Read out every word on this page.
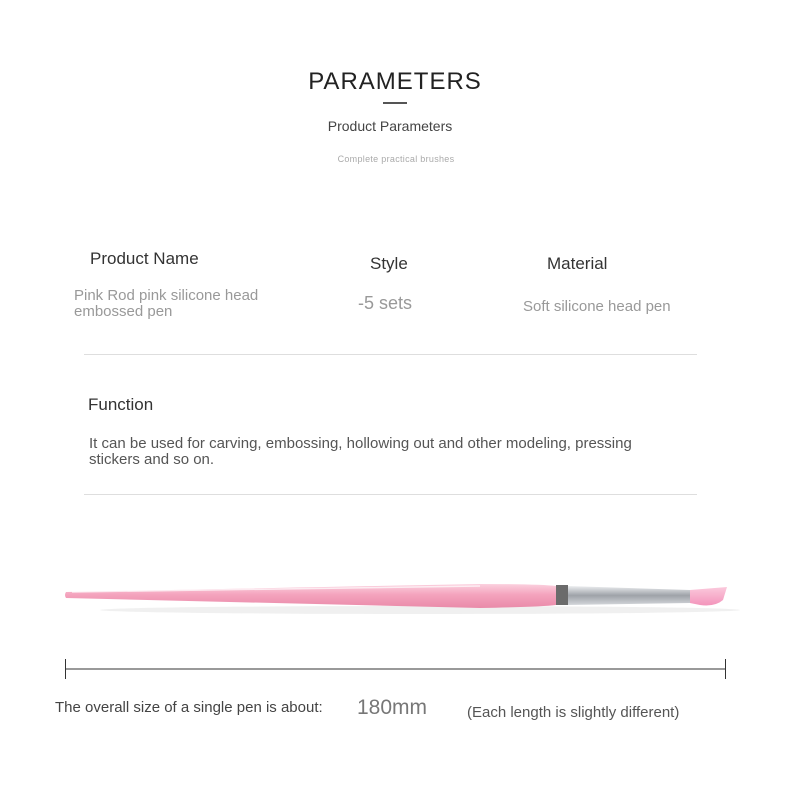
PARAMETERS
Product Parameters
Complete practical brushes
Product Name
Pink Rod pink silicone head embossed pen
Style
-5 sets
Material
Soft silicone head pen
Function
It can be used for carving, embossing, hollowing out and other modeling, pressing stickers and so on.
The overall size of a single pen is about: 180mm	(Each length is slightly different)
